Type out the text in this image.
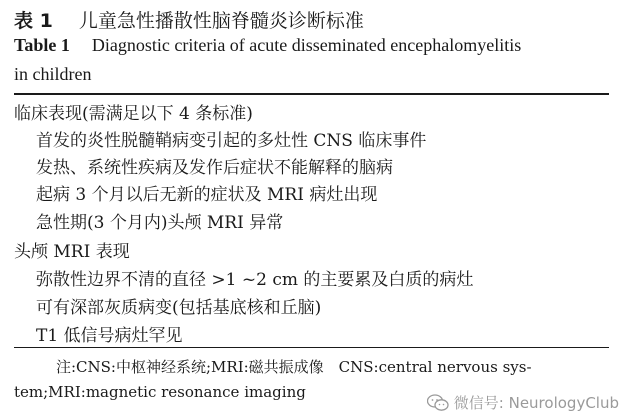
表 1 儿童急性播散性脑脊髓炎诊断标准
Table 1 Diagnostic criteria of acute disseminated encephalomyelitis
in children
临床表现(需满足以下 4 条标准)
首发的炎性脱髓鞘病变引起的多灶性 CNS 临床事件
发热、系统性疾病及发作后症状不能解释的脑病
起病 3 个月以后无新的症状及 MRI 病灶出现
急性期(3 个月内)头颅 MRI 异常
头颅 MRI 表现
弥散性边界不清的直径 >1 ~2 cm 的主要累及白质的病灶
可有深部灰质病变(包括基底核和丘脑)
T1 低信号病灶罕见
注:CNS:中枢神经系统;MRI:磁共振成像　CNS:central nervous sys-
tem;MRI:magnetic resonance imaging
微信号: NeurologyClub
